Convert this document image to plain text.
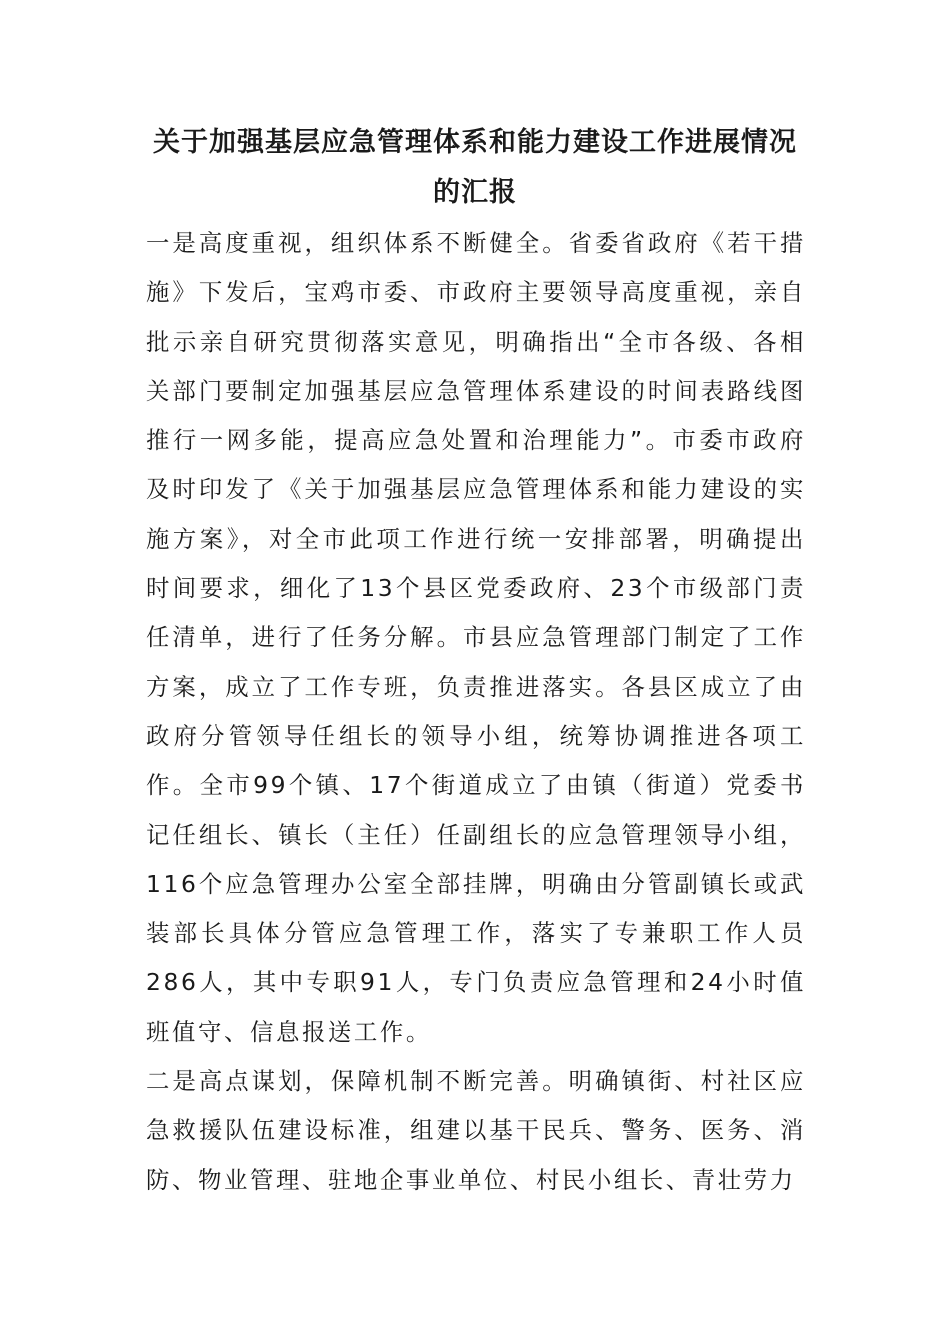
关于加强基层应急管理体系和能力建设工作进展情况的汇报

一是高度重视，组织体系不断健全。省委省政府《若干措施》下发后，宝鸡市委、市政府主要领导高度重视，亲自批示亲自研究贯彻落实意见，明确指出“全市各级、各相关部门要制定加强基层应急管理体系建设的时间表路线图推行一网多能，提高应急处置和治理能力”。市委市政府及时印发了《关于加强基层应急管理体系和能力建设的实施方案》，对全市此项工作进行统一安排部署，明确提出时间要求，细化了13个县区党委政府、23个市级部门责任清单，进行了任务分解。市县应急管理部门制定了工作方案，成立了工作专班，负责推进落实。各县区成立了由政府分管领导任组长的领导小组，统筹协调推进各项工作。全市99个镇、17个街道成立了由镇（街道）党委书记任组长、镇长（主任）任副组长的应急管理领导小组，116个应急管理办公室全部挂牌，明确由分管副镇长或武装部长具体分管应急管理工作，落实了专兼职工作人员286人，其中专职91人，专门负责应急管理和24小时值班值守、信息报送工作。

二是高点谋划，保障机制不断完善。明确镇街、村社区应急救援队伍建设标准，组建以基干民兵、警务、医务、消防、物业管理、驻地企事业单位、村民小组长、青壮劳力
